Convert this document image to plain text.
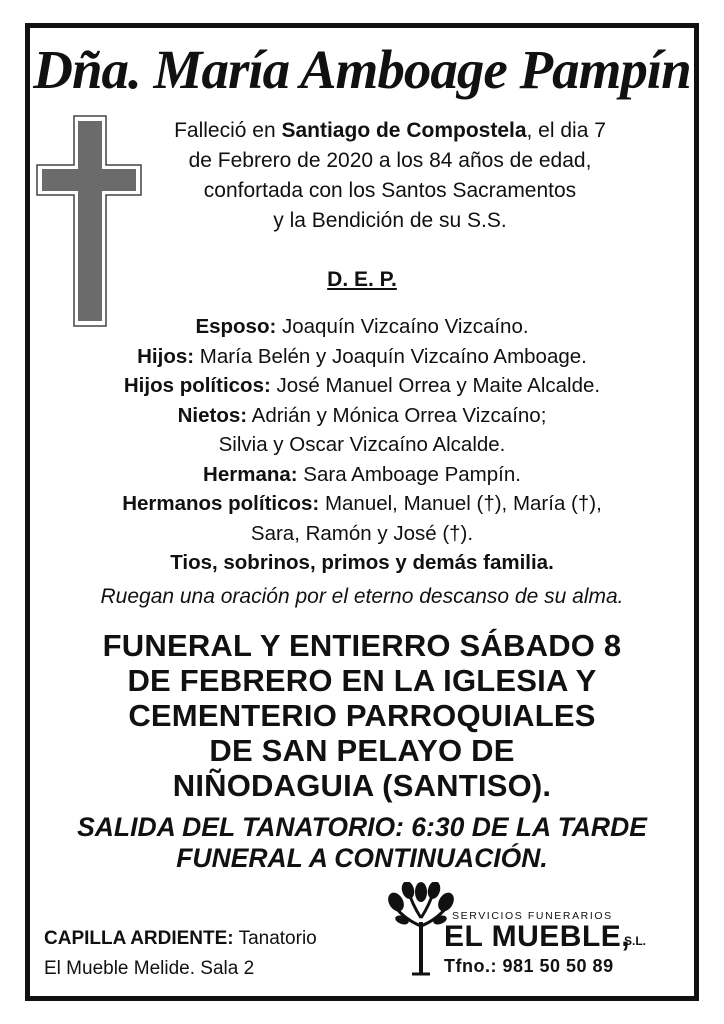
Dña. María Amboage Pampín
Falleció en Santiago de Compostela, el dia 7
de Febrero de 2020 a los 84 años de edad,
confortada con los Santos Sacramentos
y la Bendición de su S.S.
D. E. P.
Esposo: Joaquín Vizcaíno Vizcaíno.
Hijos: María Belén y Joaquín Vizcaíno Amboage.
Hijos políticos: José Manuel Orrea y Maite Alcalde.
Nietos: Adrián y Mónica Orrea Vizcaíno;
Silvia y Oscar Vizcaíno Alcalde.
Hermana: Sara Amboage Pampín.
Hermanos políticos: Manuel, Manuel (†), María (†),
Sara, Ramón y José (†).
Tios, sobrinos, primos y demás familia.
Ruegan una oración por el eterno descanso de su alma.
FUNERAL Y ENTIERRO SÁBADO 8
DE FEBRERO EN LA IGLESIA Y
CEMENTERIO PARROQUIALES
DE SAN PELAYO DE
NIÑODAGUIA (SANTISO).
SALIDA DEL TANATORIO: 6:30 DE LA TARDE
FUNERAL A CONTINUACIÓN.
CAPILLA ARDIENTE: Tanatorio
El Mueble Melide. Sala 2
SERVICIOS FUNERARIOS
EL MUEBLE,
S.L.
Tfno.: 981 50 50 89
